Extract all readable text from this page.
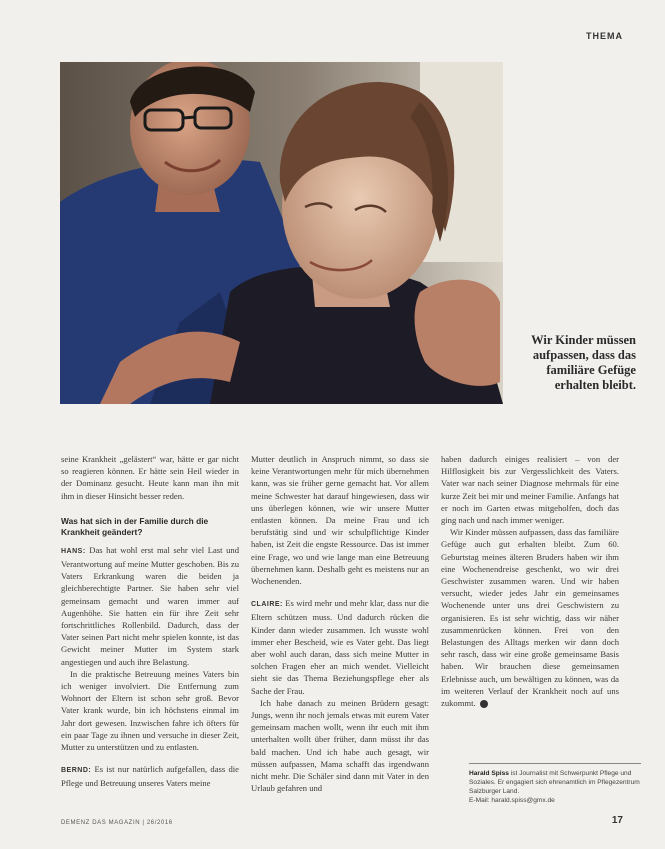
THEMA
Wir Kinder müssen aufpassen, dass das familiäre Gefüge erhalten bleibt.

seine Krankheit „gelästert“ war, hätte er gar nicht so reagieren können. Er hätte sein Heil wieder in der Dominanz gesucht. Heute kann man ihn mit ihm in dieser Hinsicht besser reden.

Was hat sich in der Familie durch die Krankheit geändert?

HANS: Das hat wohl erst mal sehr viel Last und Verantwortung auf meine Mutter geschoben. Bis zu Vaters Erkrankung waren die beiden ja gleichberechtigte Partner. Sie haben sehr viel gemeinsam gemacht und waren immer auf Augenhöhe. Sie hatten ein für ihre Zeit sehr fortschrittliches Rollenbild. Dadurch, dass der Vater seinen Part nicht mehr spielen konnte, ist das Gewicht meiner Mutter im System stark angestiegen und auch ihre Belastung.

In die praktische Betreuung meines Vaters bin ich weniger involviert. Die Entfernung zum Wohnort der Eltern ist schon sehr groß. Bevor Vater krank wurde, bin ich höchstens einmal im Jahr dort gewesen. Inzwischen fahre ich öfters für ein paar Tage zu ihnen und versuche in dieser Zeit, Mutter zu unterstützen und zu entlasten.

BERND: Es ist nur natürlich aufgefallen, dass die Pflege und Betreuung unseres Vaters meine

Mutter deutlich in Anspruch nimmt, so dass sie keine Verantwortungen mehr für mich übernehmen kann, was sie früher gerne gemacht hat. Vor allem meine Schwester hat darauf hingewiesen, dass wir uns überlegen können, wie wir unsere Mutter entlasten können. Da meine Frau und ich berufstätig sind und wir schulpflichtige Kinder haben, ist Zeit die engste Ressource. Das ist immer eine Frage, wo und wie lange man eine Betreuung übernehmen kann. Deshalb geht es meistens nur an Wochenenden.

CLAIRE: Es wird mehr und mehr klar, dass nur die Eltern schützen muss. Und dadurch rücken die Kinder dann wieder zusammen. Ich wusste wohl immer eher Bescheid, wie es Vater geht. Das liegt aber wohl auch daran, dass sich meine Mutter in solchen Fragen eher an mich wendet. Vielleicht sieht sie das Thema Beziehungspflege eher als Sache der Frau.

Ich habe danach zu meinen Brüdern gesagt: Jungs, wenn ihr noch jemals etwas mit eurem Vater gemeinsam machen wollt, wenn ihr euch mit ihm unterhalten wollt über früher, dann müsst ihr das bald machen. Und ich habe auch gesagt, wir müssen aufpassen, Mama schafft das irgendwann nicht mehr. Die Schäler sind dann mit Vater in den Urlaub gefahren und

haben dadurch einiges realisiert – von der Hilflosigkeit bis zur Vergesslichkeit des Vaters. Vater war nach seiner Diagnose mehrmals für eine kurze Zeit bei mir und meiner Familie. Anfangs hat er noch im Garten etwas mitgeholfen, doch das ging nach und nach immer weniger.

Wir Kinder müssen aufpassen, dass das familiäre Gefüge auch gut erhalten bleibt. Zum 60. Geburtstag meines älteren Bruders haben wir ihm eine Wochenendreise geschenkt, wo wir drei Geschwister zusammen waren. Und wir haben versucht, wieder jedes Jahr ein gemeinsames Wochenende unter uns drei Geschwistern zu organisieren. Es ist sehr wichtig, dass wir näher zusammenrücken können. Frei von den Belastungen des Alltags merken wir dann doch sehr rasch, dass wir eine große gemeinsame Basis haben. Wir brauchen diese gemeinsamen Erlebnisse auch, um bewältigen zu können, was da im weiteren Verlauf der Krankheit noch auf uns zukommt.

Harald Spiss ist Journalist mit Schwerpunkt Pflege und Soziales. Er engagiert sich ehrenamtlich im Pflegezentrum Salzburger Land.
E-Mail: harald.spiss@gmx.de
DEMENZ DAS MAGAZIN | 26/2016	17
